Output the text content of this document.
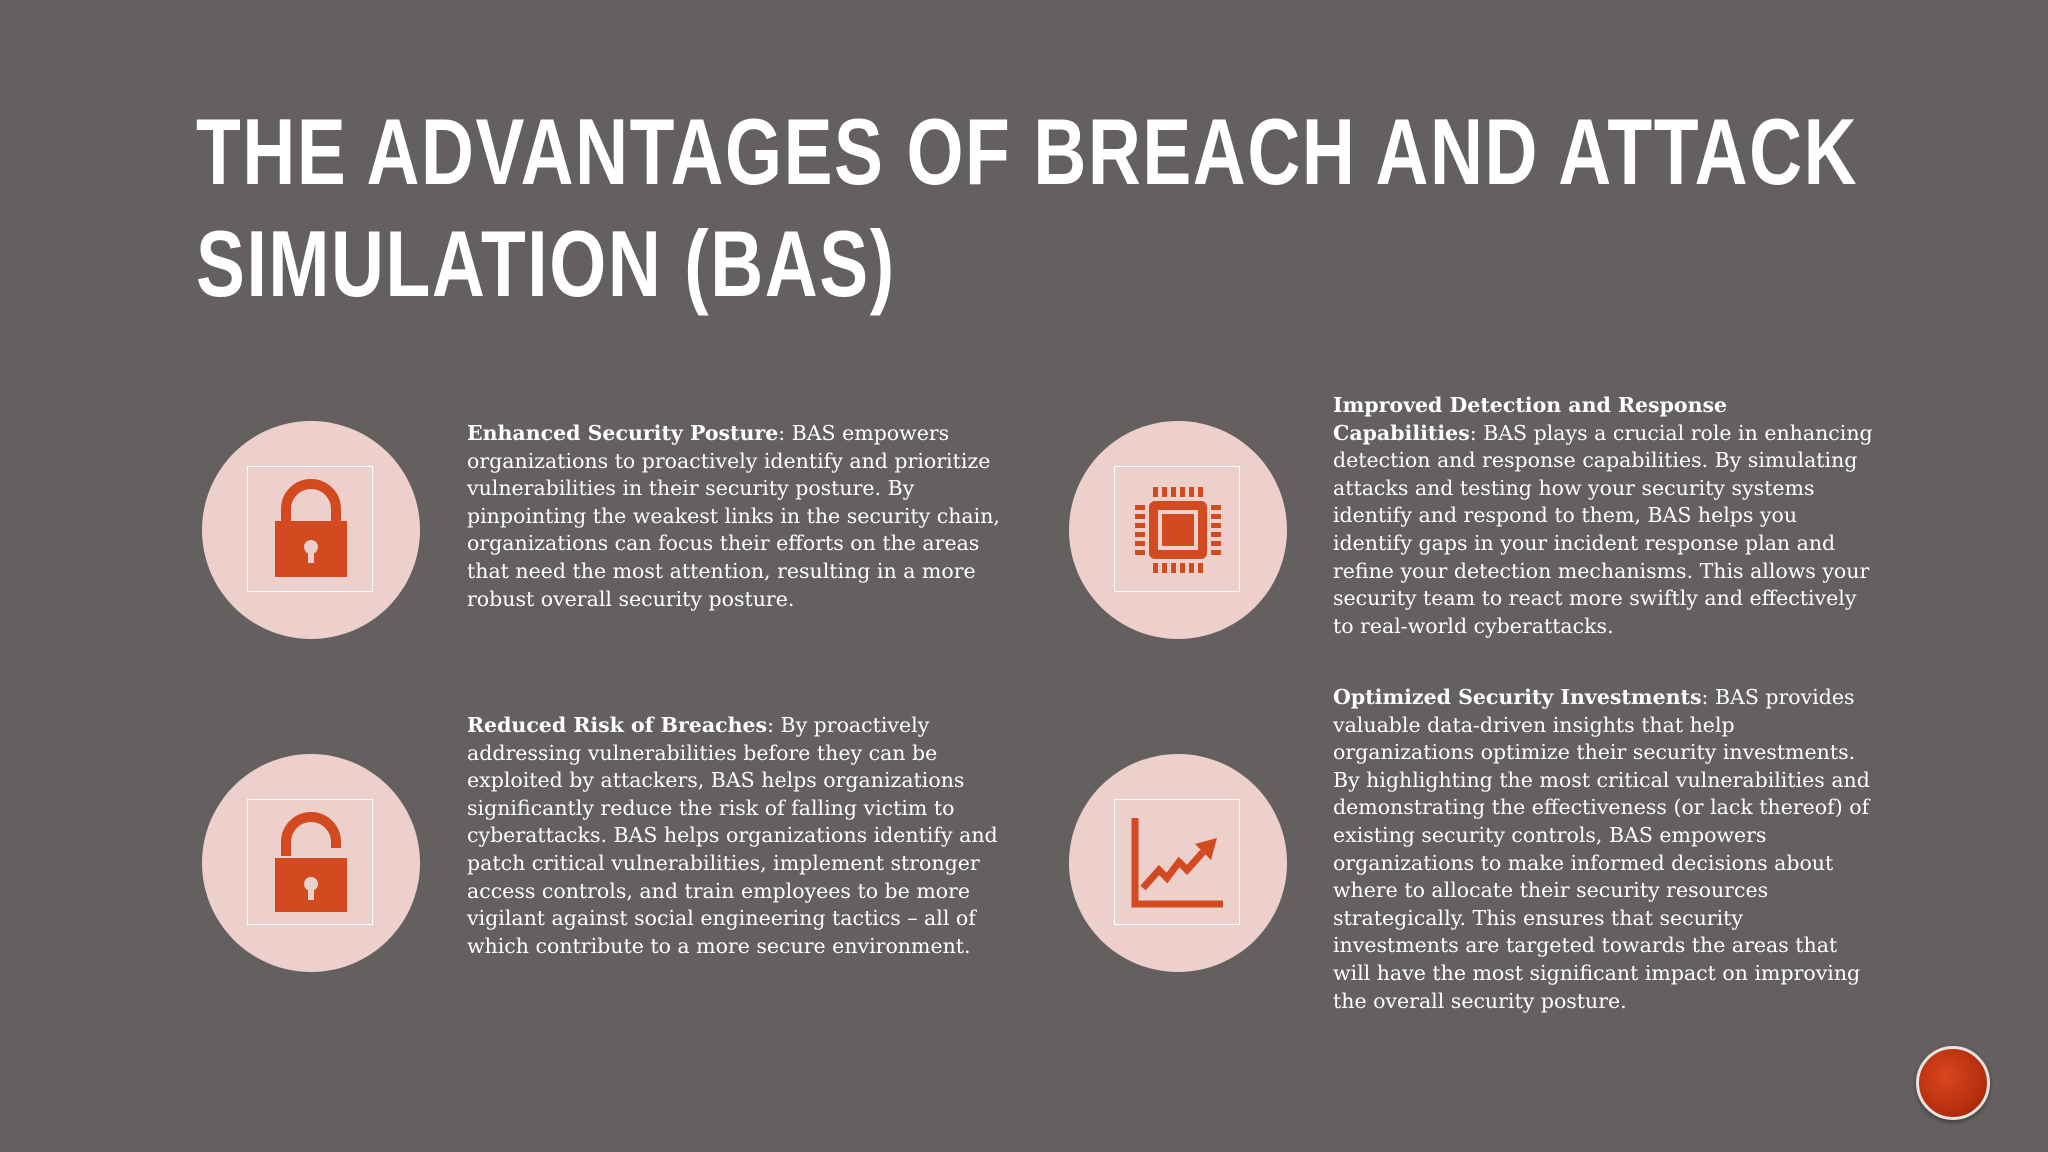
THE ADVANTAGES OF BREACH AND ATTACK
SIMULATION (BAS)

Enhanced Security Posture: BAS empowers organizations to proactively identify and prioritize vulnerabilities in their security posture. By pinpointing the weakest links in the security chain, organizations can focus their efforts on the areas that need the most attention, resulting in a more robust overall security posture.

Reduced Risk of Breaches: By proactively addressing vulnerabilities before they can be exploited by attackers, BAS helps organizations significantly reduce the risk of falling victim to cyberattacks. BAS helps organizations identify and patch critical vulnerabilities, implement stronger access controls, and train employees to be more vigilant against social engineering tactics – all of which contribute to a more secure environment.

Improved Detection and Response Capabilities: BAS plays a crucial role in enhancing detection and response capabilities. By simulating attacks and testing how your security systems identify and respond to them, BAS helps you identify gaps in your incident response plan and refine your detection mechanisms. This allows your security team to react more swiftly and effectively to real-world cyberattacks.

Optimized Security Investments: BAS provides valuable data-driven insights that help organizations optimize their security investments. By highlighting the most critical vulnerabilities and demonstrating the effectiveness (or lack thereof) of existing security controls, BAS empowers organizations to make informed decisions about where to allocate their security resources strategically. This ensures that security investments are targeted towards the areas that will have the most significant impact on improving the overall security posture.
